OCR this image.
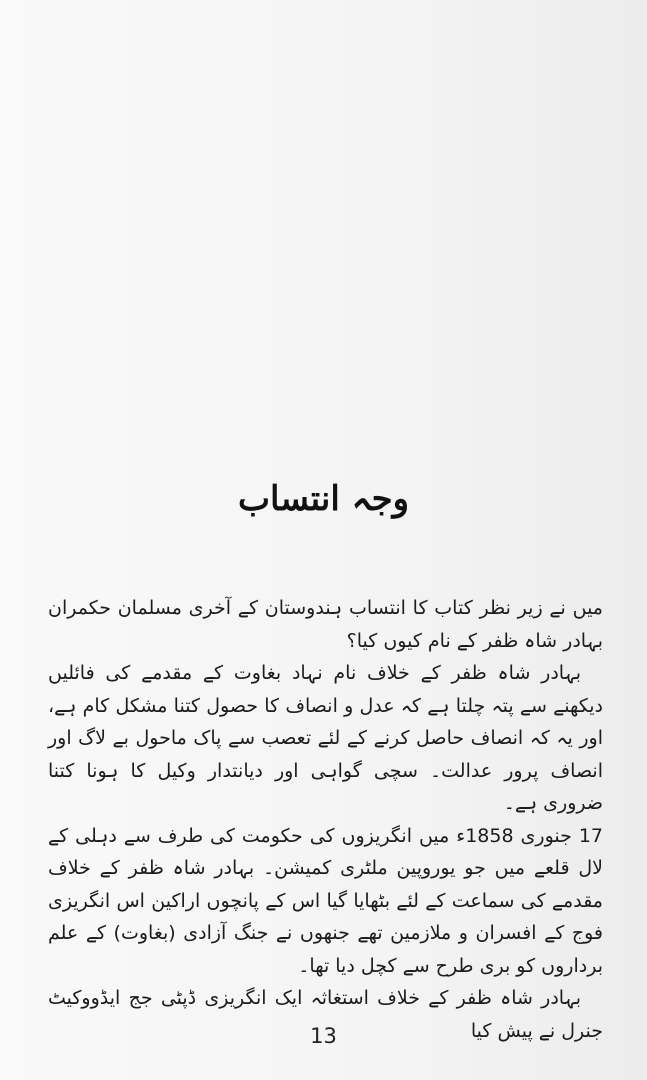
وجہ انتساب

میں نے زیر نظر کتاب کا انتساب ہندوستان کے آخری مسلمان حکمران بہادر شاہ ظفر کے نام کیوں کیا؟

بہادر شاہ ظفر کے خلاف نام نہاد بغاوت کے مقدمے کی فائلیں دیکھنے سے پتہ چلتا ہے کہ عدل و انصاف کا حصول کتنا مشکل کام ہے، اور یہ کہ انصاف حاصل کرنے کے لئے تعصب سے پاک ماحول بے لاگ اور انصاف پرور عدالت۔ سچی گواہی اور دیانتدار وکیل کا ہونا کتنا ضروری ہے۔

17 جنوری 1858ء میں انگریزوں کی حکومت کی طرف سے دہلی کے لال قلعے میں جو یوروپین ملٹری کمیشن۔ بہادر شاہ ظفر کے خلاف مقدمے کی سماعت کے لئے بٹھایا گیا اس کے پانچوں اراکین اس انگریزی فوج کے افسران و ملازمین تھے جنھوں نے جنگ آزادی (بغاوت) کے علم برداروں کو بری طرح سے کچل دیا تھا۔

بہادر شاہ ظفر کے خلاف استغاثہ ایک انگریزی ڈپٹی جج ایڈووکیٹ جنرل نے پیش کیا

13
